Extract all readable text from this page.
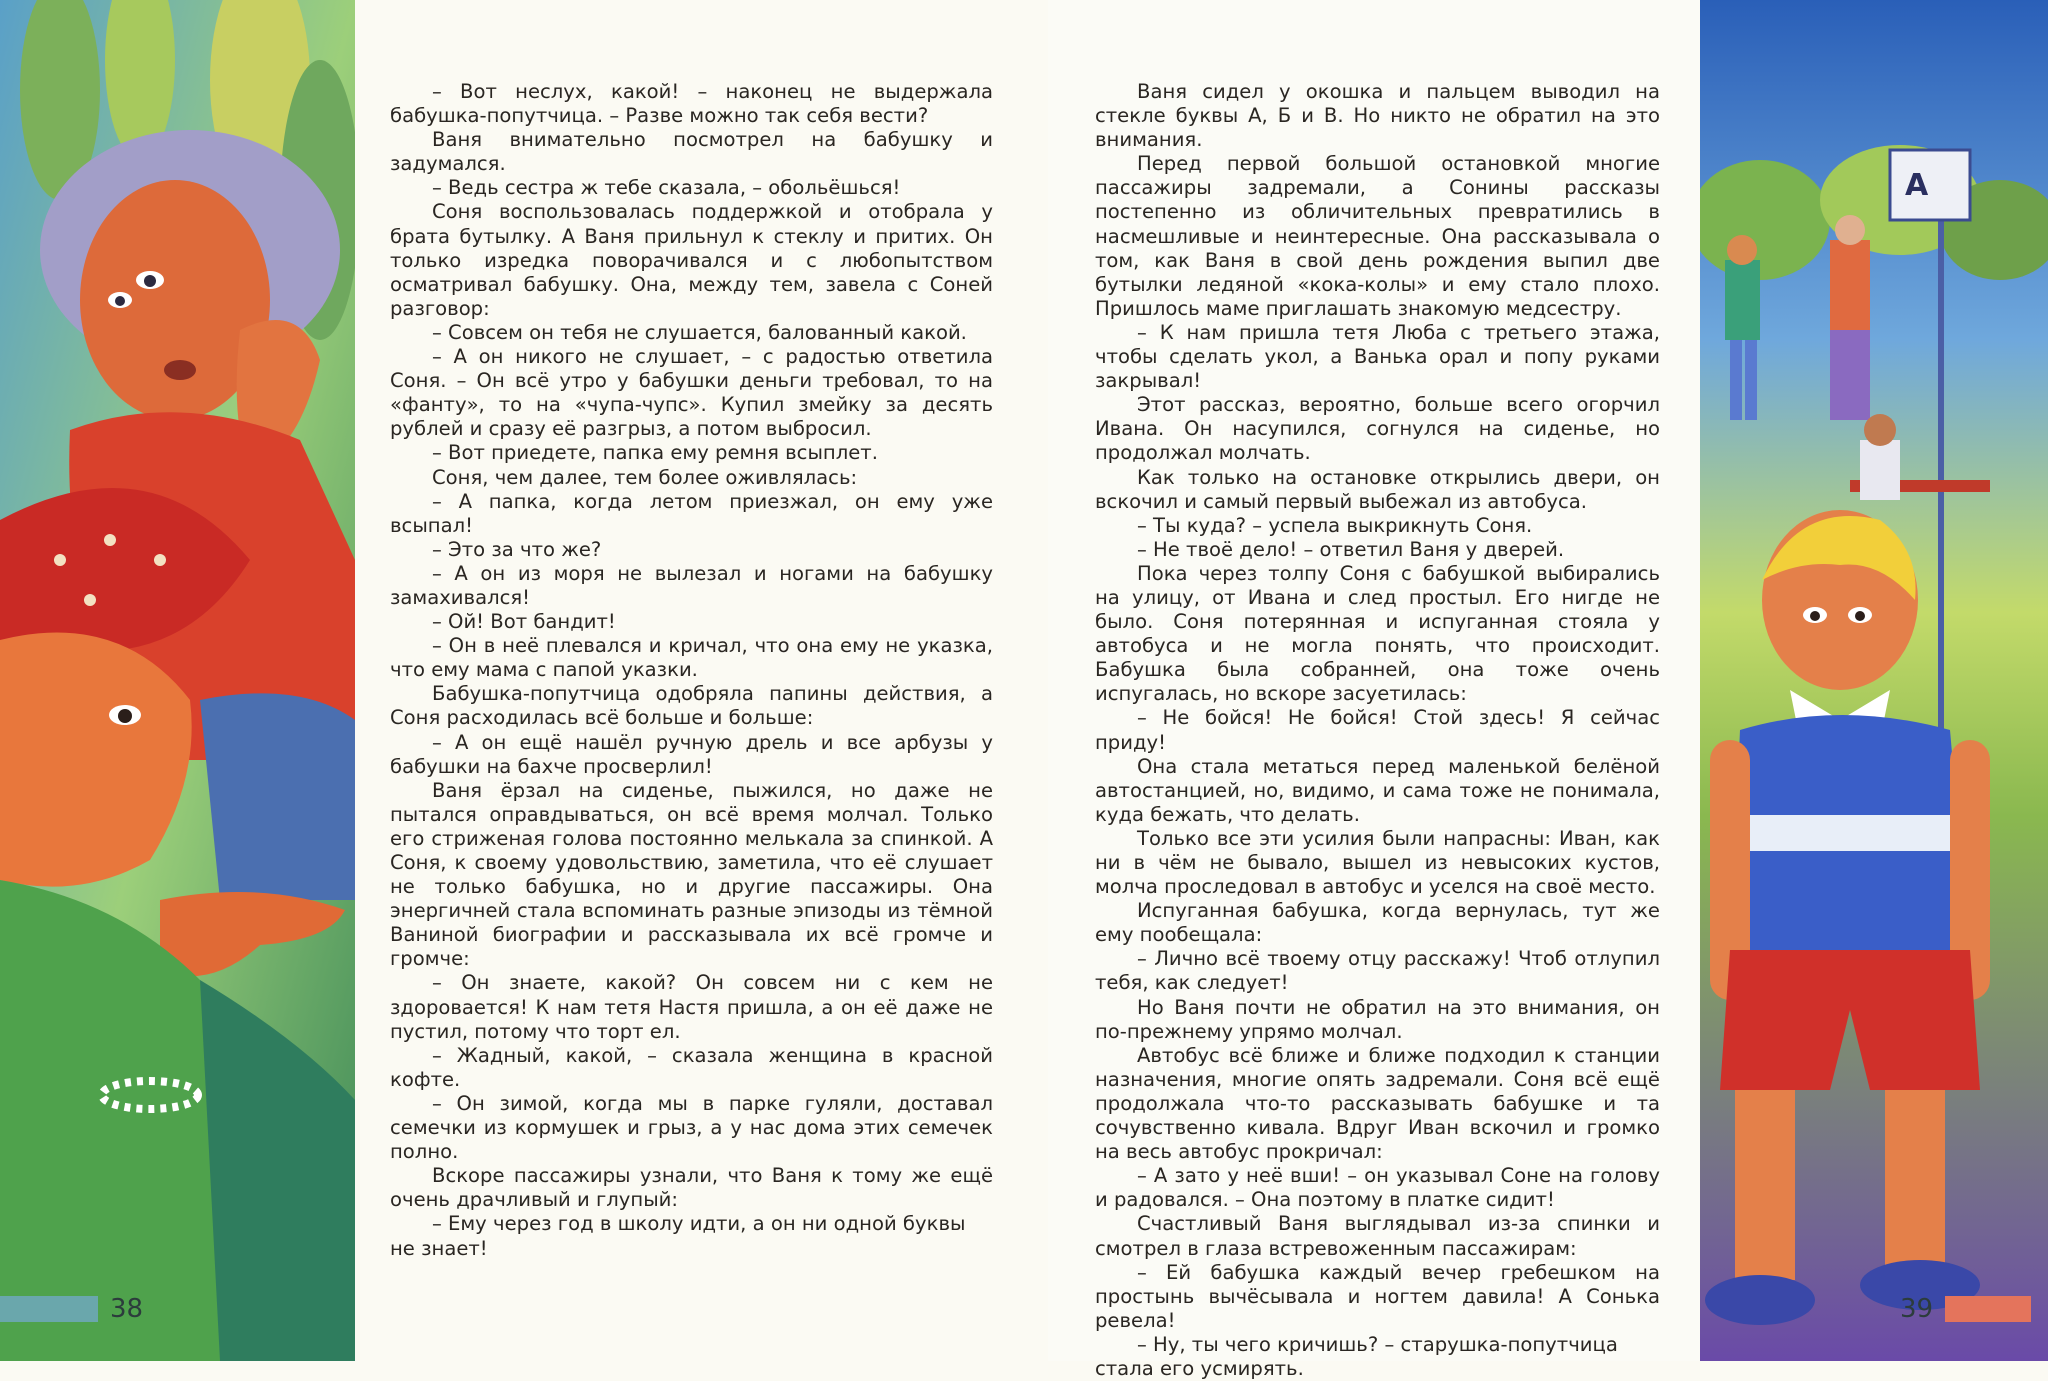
– Вот неслух, какой! – наконец не выдержала бабушка-попутчица. – Разве можно так себя вести?

Ваня внимательно посмотрел на бабушку и задумался.

– Ведь сестра ж тебе сказала, – обольёшься!

Соня воспользовалась поддержкой и отобрала у брата бутылку. А Ваня прильнул к стеклу и притих. Он только изредка поворачивался и с любопытством осматривал бабушку. Она, между тем, завела с Соней разговор:

– Совсем он тебя не слушается, балованный какой.

– А он никого не слушает, – с радостью ответила Соня. – Он всё утро у бабушки деньги требовал, то на «фанту», то на «чупа-чупс». Купил змейку за десять рублей и сразу её разгрыз, а потом выбросил.

– Вот приедете, папка ему ремня всыплет.

Соня, чем далее, тем более оживлялась:

– А папка, когда летом приезжал, он ему уже всыпал!

– Это за что же?

– А он из моря не вылезал и ногами на бабушку замахивался!

– Ой! Вот бандит!

– Он в неё плевался и кричал, что она ему не указка, что ему мама с папой указки.

Бабушка-попутчица одобряла папины действия, а Соня расходилась всё больше и больше:

– А он ещё нашёл ручную дрель и все арбузы у бабушки на бахче просверлил!

Ваня ёрзал на сиденье, пыжился, но даже не пытался оправдываться, он всё время молчал. Только его стриженая голова постоянно мелькала за спинкой. А Соня, к своему удовольствию, заметила, что её слушает не только бабушка, но и другие пассажиры. Она энергичней стала вспоминать разные эпизоды из тёмной Ваниной биографии и рассказывала их всё громче и громче:

– Он знаете, какой? Он совсем ни с кем не здоровается! К нам тетя Настя пришла, а он её даже не пустил, потому что торт ел.

– Жадный, какой, – сказала женщина в красной кофте.

– Он зимой, когда мы в парке гуляли, доставал семечки из кормушек и грыз, а у нас дома этих семечек полно.

Вскоре пассажиры узнали, что Ваня к тому же ещё очень драчливый и глупый:

– Ему через год в школу идти, а он ни одной буквы не знает!

Ваня сидел у окошка и пальцем выводил на стекле буквы А, Б и В. Но никто не обратил на это внимания.

Перед первой большой остановкой многие пассажиры задремали, а Сонины рассказы постепенно из обличительных превратились в насмешливые и неинтересные. Она рассказывала о том, как Ваня в свой день рождения выпил две бутылки ледяной «кока-колы» и ему стало плохо. Пришлось маме приглашать знакомую медсестру.

– К нам пришла тетя Люба с третьего этажа, чтобы сделать укол, а Ванька орал и попу руками закрывал!

Этот рассказ, вероятно, больше всего огорчил Ивана. Он насупился, согнулся на сиденье, но продолжал молчать.

Как только на остановке открылись двери, он вскочил и самый первый выбежал из автобуса.

– Ты куда? – успела выкрикнуть Соня.

– Не твоё дело! – ответил Ваня у дверей.

Пока через толпу Соня с бабушкой выбирались на улицу, от Ивана и след простыл. Его нигде не было. Соня потерянная и испуганная стояла у автобуса и не могла понять, что происходит. Бабушка была собранней, она тоже очень испугалась, но вскоре засуетилась:

– Не бойся! Не бойся! Стой здесь! Я сейчас приду!

Она стала метаться перед маленькой белёной автостанцией, но, видимо, и сама тоже не понимала, куда бежать, что делать.

Только все эти усилия были напрасны: Иван, как ни в чём не бывало, вышел из невысоких кустов, молча проследовал в автобус и уселся на своё место.

Испуганная бабушка, когда вернулась, тут же ему пообещала:

– Лично всё твоему отцу расскажу! Чтоб отлупил тебя, как следует!

Но Ваня почти не обратил на это внимания, он по-прежнему упрямо молчал.

Автобус всё ближе и ближе подходил к станции назначения, многие опять задремали. Соня всё ещё продолжала что-то рассказывать бабушке и та сочувственно кивала. Вдруг Иван вскочил и громко на весь автобус прокричал:

– А зато у неё вши! – он указывал Соне на голову и радовался. – Она поэтому в платке сидит!

Счастливый Ваня выглядывал из-за спинки и смотрел в глаза встревоженным пассажирам:

– Ей бабушка каждый вечер гребешком на простынь вычёсывала и ногтем давила! А Сонька ревела!

– Ну, ты чего кричишь? – старушка-попутчица стала его усмирять.

А
38	39
